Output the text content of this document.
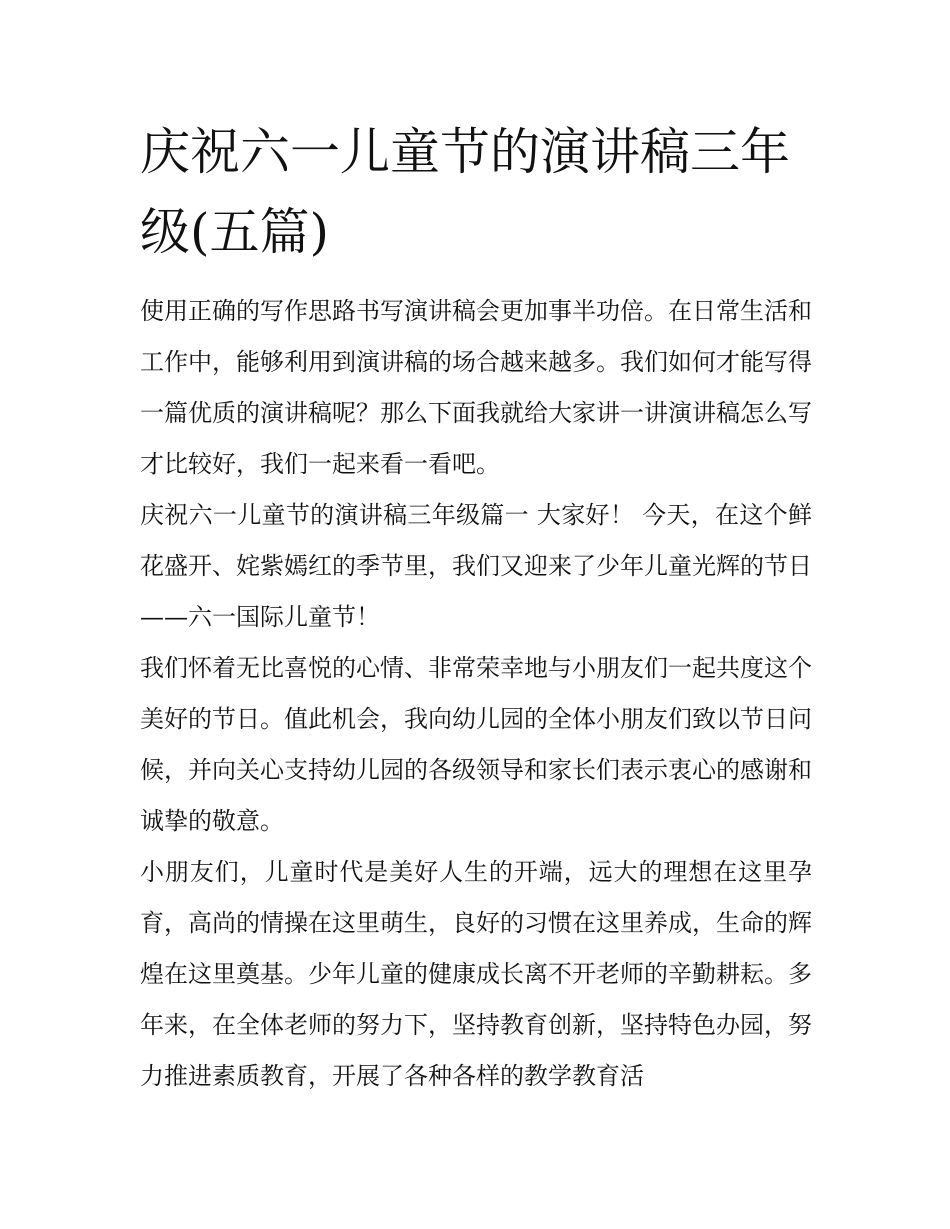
庆祝六一儿童节的演讲稿三年级(五篇)

使用正确的写作思路书写演讲稿会更加事半功倍。在日常生活和工作中，能够利用到演讲稿的场合越来越多。我们如何才能写得一篇优质的演讲稿呢？那么下面我就给大家讲一讲演讲稿怎么写才比较好，我们一起来看一看吧。

庆祝六一儿童节的演讲稿三年级篇一 大家好！ 今天，在这个鲜花盛开、姹紫嫣红的季节里，我们又迎来了少年儿童光辉的节日——六一国际儿童节！

我们怀着无比喜悦的心情、非常荣幸地与小朋友们一起共度这个美好的节日。值此机会，我向幼儿园的全体小朋友们致以节日问候，并向关心支持幼儿园的各级领导和家长们表示衷心的感谢和诚挚的敬意。

小朋友们，儿童时代是美好人生的开端，远大的理想在这里孕育，高尚的情操在这里萌生，良好的习惯在这里养成，生命的辉煌在这里奠基。少年儿童的健康成长离不开老师的辛勤耕耘。多年来，在全体老师的努力下，坚持教育创新，坚持特色办园，努力推进素质教育，开展了各种各样的教学教育活
